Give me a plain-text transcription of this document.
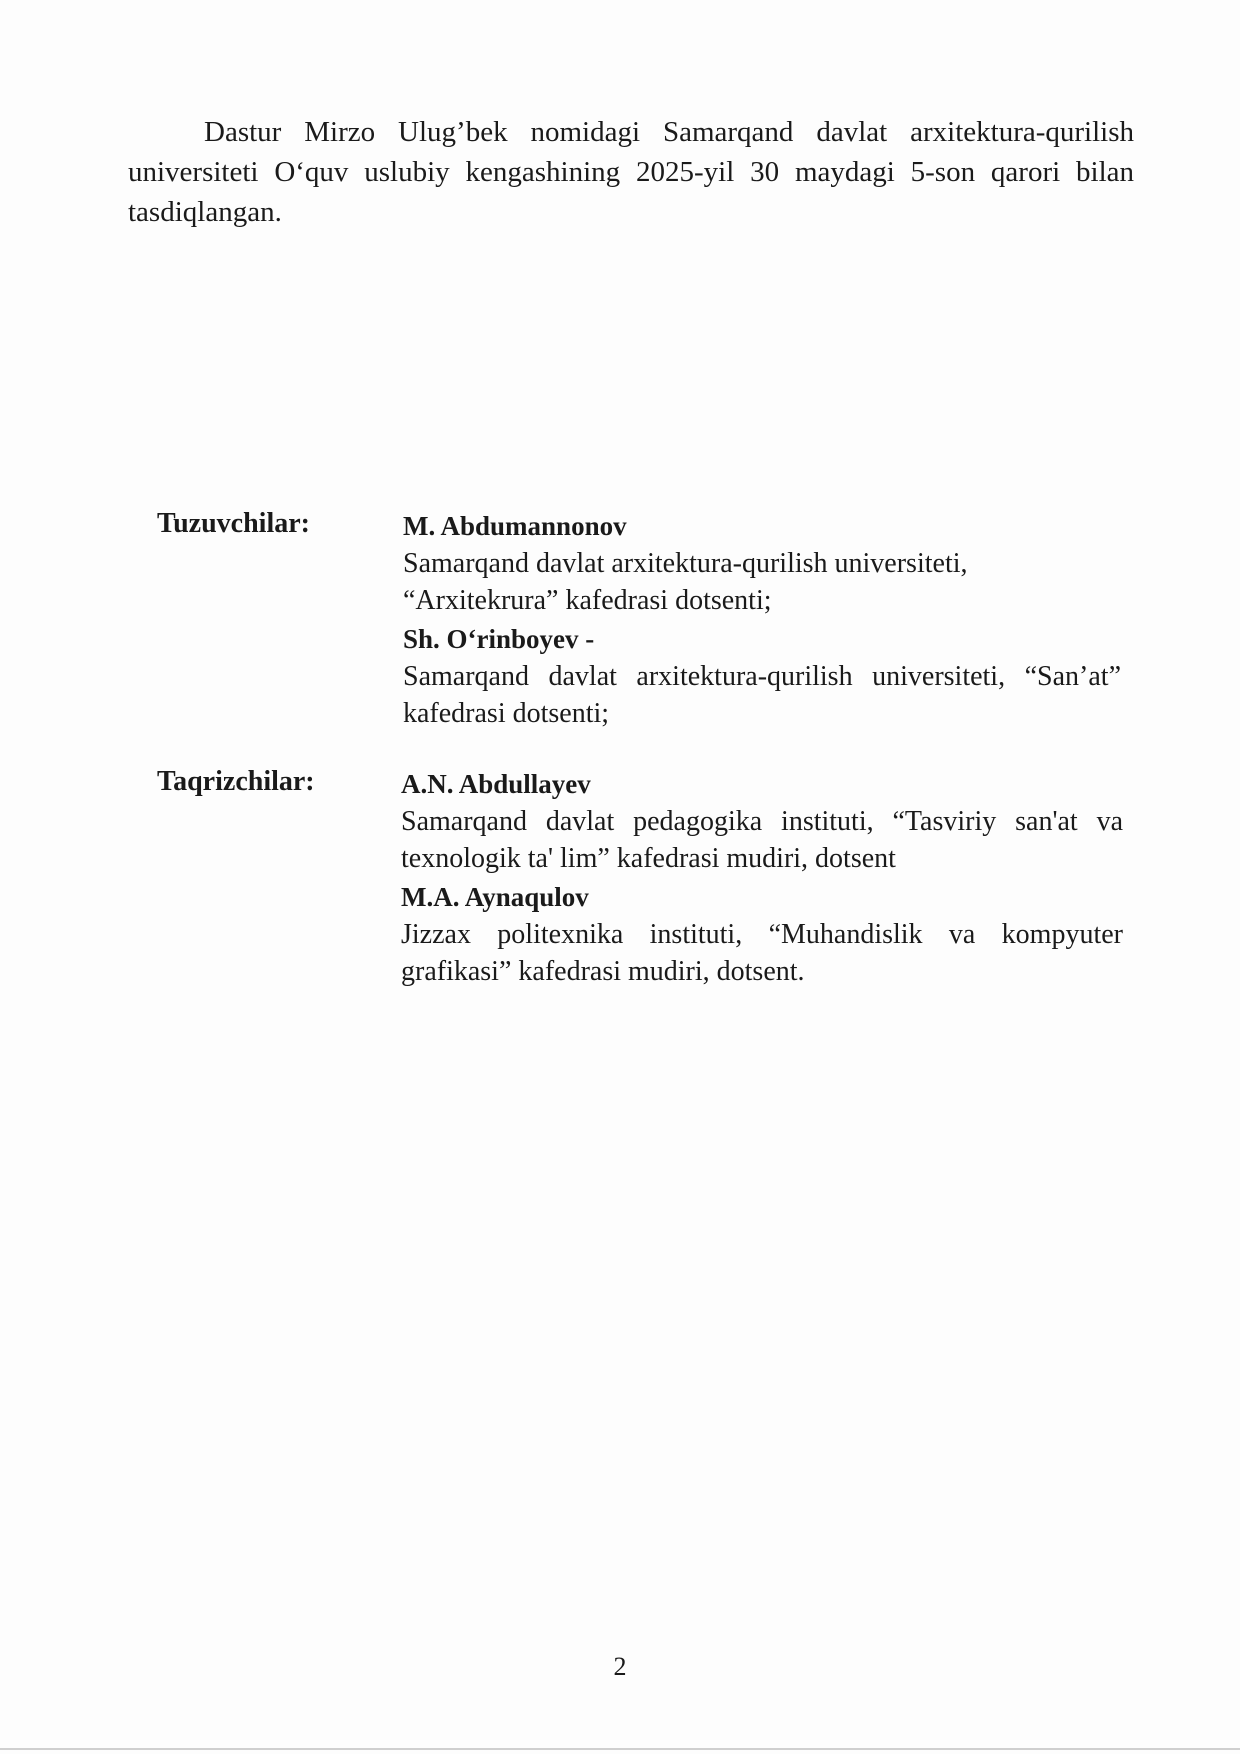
Dastur Mirzo Ulug’bek nomidagi Samarqand davlat arxitektura-qurilish universiteti O‘quv uslubiy kengashining 2025-yil 30 maydagi 5-son qarori bilan tasdiqlangan.

Tuzuvchilar:	M. Abdumannonov

Samarqand davlat arxitektura-qurilish universiteti, “Arxitekrura” kafedrasi dotsenti;

Sh. O‘rinboyev -

Samarqand davlat arxitektura-qurilish universiteti, “San’at” kafedrasi dotsenti;

Taqrizchilar:	A.N. Abdullayev

Samarqand davlat pedagogika instituti, “Tasviriy san'at va texnologik ta' lim” kafedrasi mudiri, dotsent

M.A. Aynaqulov

Jizzax politexnika instituti, “Muhandislik va kompyuter grafikasi” kafedrasi mudiri, dotsent.

2
